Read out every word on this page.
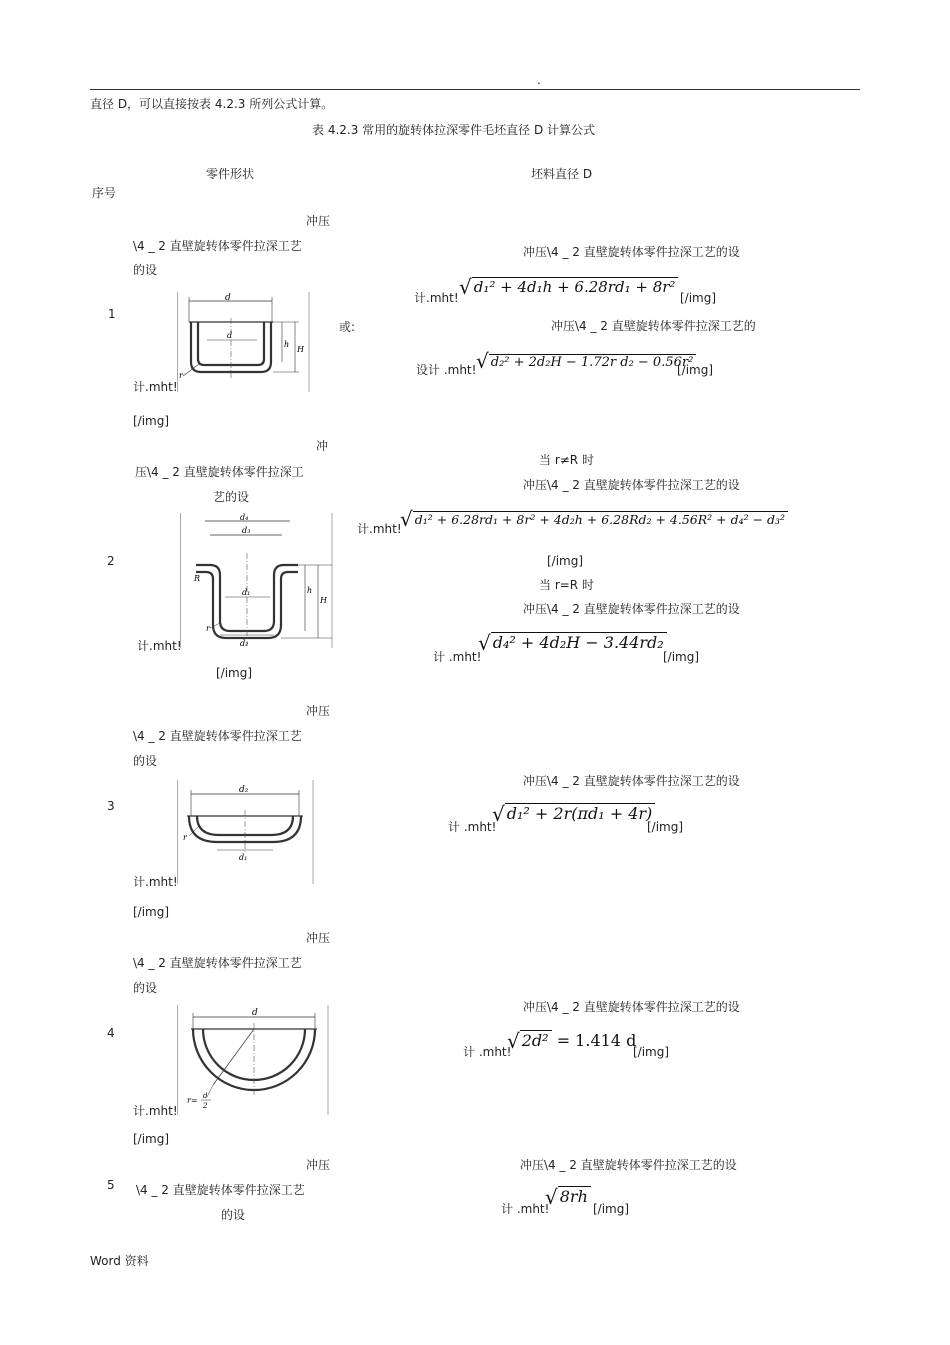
.
直径 D，可以直接按表 4.2.3 所列公式计算。
表 4.2.3 常用的旋转体拉深零件毛坯直径 D 计算公式
零件形状	坯料直径 D
序号
冲压
\4 _ 2 直壁旋转体零件拉深工艺
的设
1
d
d
h
H
r
计.mht!
[/img]
或:
冲压\4 _ 2 直壁旋转体零件拉深工艺的设
计.mht! √ d₁² + 4d₁h + 6.28rd₁ + 8r²
[/img]
冲压\4 _ 2 直壁旋转体零件拉深工艺的
设计 .mht! √ d₂² + 2d₂H − 1.72r d₂ − 0.56r²
[/img]
冲
压\4 _ 2 直壁旋转体零件拉深工
艺的设
2
d₄
d₃
d₁
d₂
h
H
R
r
计.mht!
[/img]
当 r≠R 时
冲压\4 _ 2 直壁旋转体零件拉深工艺的设
计.mht!
√ d₁² + 6.28rd₁ + 8r² + 4d₂h + 6.28Rd₂ + 4.56R² + d₄² − d₃²
[/img]
当 r=R 时
冲压\4 _ 2 直壁旋转体零件拉深工艺的设
计 .mht!
√ d₄² + 4d₂H − 3.44rd₂
[/img]
冲压
\4 _ 2 直壁旋转体零件拉深工艺
的设
3
d₂
d₁
r
计.mht!
[/img]
冲压\4 _ 2 直壁旋转体零件拉深工艺的设
计 .mht!
√ d₁² + 2r(πd₁ + 4r)
[/img]
冲压
\4 _ 2 直壁旋转体零件拉深工艺
的设
4
d
r= d
2
计.mht!
[/img]
冲压\4 _ 2 直壁旋转体零件拉深工艺的设
计 .mht!
√ 2d² = 1.414 d
[/img]
冲压
\4 _ 2 直壁旋转体零件拉深工艺
的设
5
冲压\4 _ 2 直壁旋转体零件拉深工艺的设
计 .mht!
√ 8rh
[/img]
Word 资料
